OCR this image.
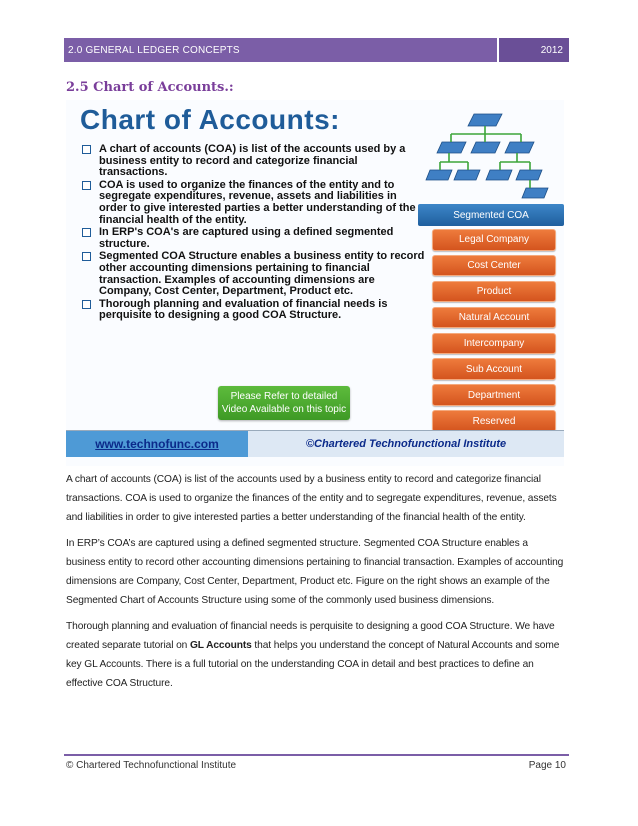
2.0 GENERAL LEDGER CONCEPTS	2012
2.5 Chart of Accounts.:
Chart of Accounts:
A chart of accounts (COA) is list of the accounts used by a business entity to record and categorize financial transactions.
COA is used to organize the finances of the entity and to segregate expenditures, revenue, assets and liabilities in order to give interested parties a better understanding of the financial health of the entity.
In ERP's COA's are captured using a defined segmented structure.
Segmented COA Structure enables a business entity to record other accounting dimensions pertaining to financial transaction. Examples of accounting dimensions are Company, Cost Center, Department, Product etc.
Thorough planning and evaluation of financial needs is perquisite to designing a good COA Structure.
Segmented COA
Legal Company
Cost Center
Product
Natural Account
Intercompany
Sub Account
Department
Reserved
Please Refer to detailed
Video Available on this topic
www.technofunc.com	©Chartered Technofunctional Institute

A chart of accounts (COA) is list of the accounts used by a business entity to record and categorize financial transactions. COA is used to organize the finances of the entity and to segregate expenditures, revenue, assets and liabilities in order to give interested parties a better understanding of the financial health of the entity.

In ERP’s COA’s are captured using a defined segmented structure. Segmented COA Structure enables a business entity to record other accounting dimensions pertaining to financial transaction. Examples of accounting dimensions are Company, Cost Center, Department, Product etc. Figure on the right shows an example of the Segmented Chart of Accounts Structure using some of the commonly used business dimensions.

Thorough planning and evaluation of financial needs is perquisite to designing a good COA Structure. We have created separate tutorial on GL Accounts that helps you understand the concept of Natural Accounts and some key GL Accounts. There is a full tutorial on the understanding COA in detail and best practices to define an effective COA Structure.

© Chartered Technofunctional Institute	Page 10
